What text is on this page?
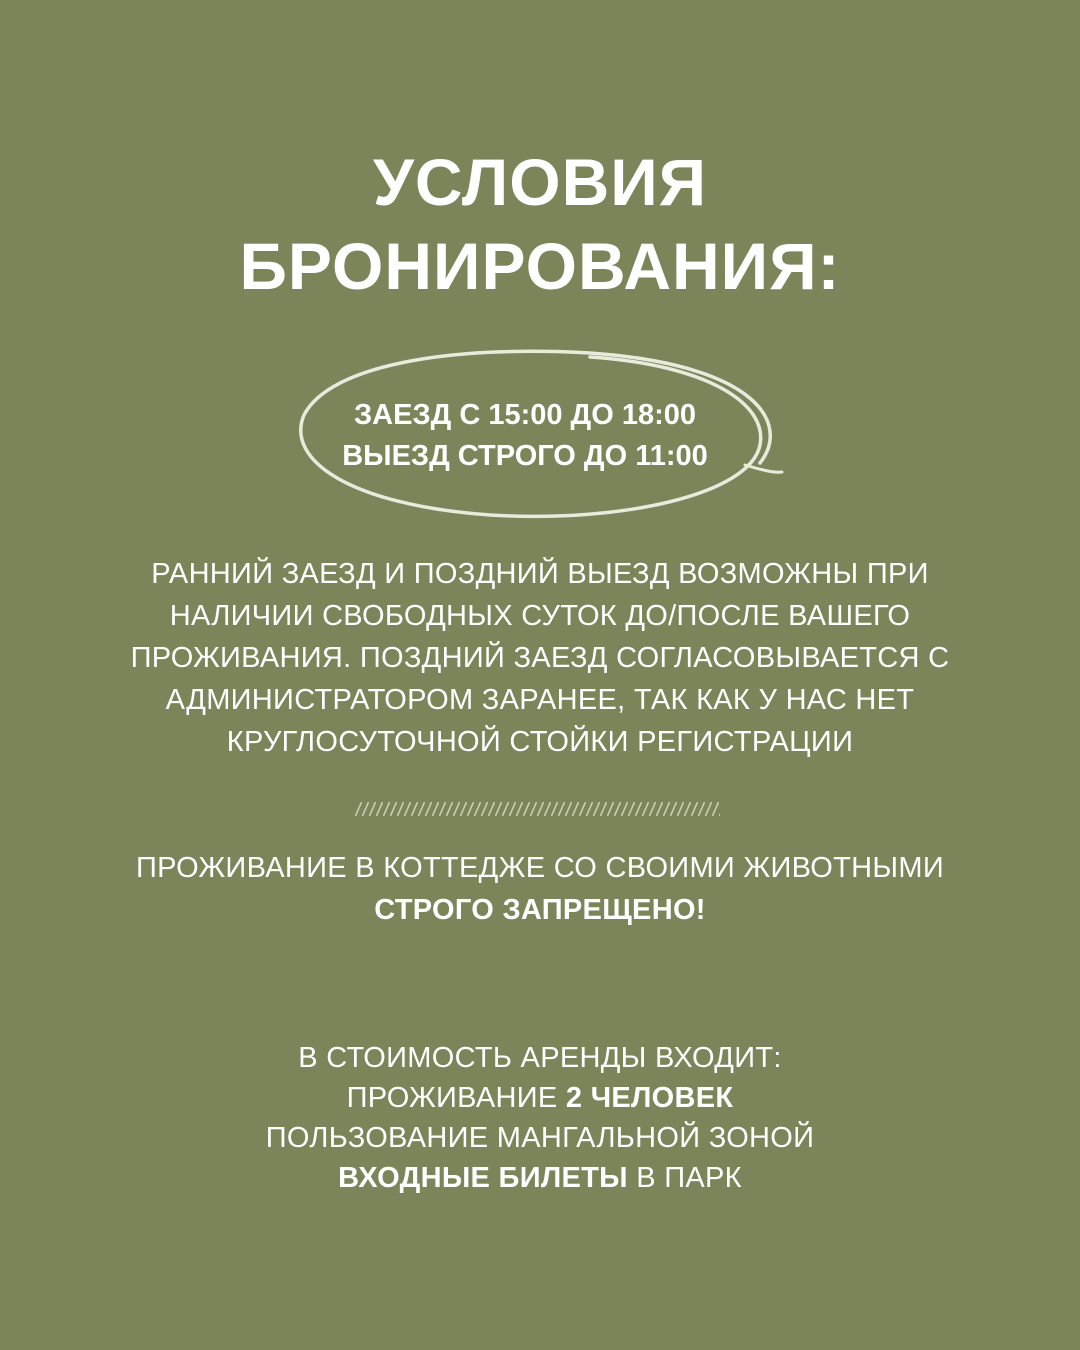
УСЛОВИЯ
БРОНИРОВАНИЯ:
ЗАЕЗД С 15:00 ДО 18:00
ВЫЕЗД СТРОГО ДО 11:00
РАННИЙ ЗАЕЗД И ПОЗДНИЙ ВЫЕЗД ВОЗМОЖНЫ ПРИ
НАЛИЧИИ СВОБОДНЫХ СУТОК ДО/ПОСЛЕ ВАШЕГО
ПРОЖИВАНИЯ. ПОЗДНИЙ ЗАЕЗД СОГЛАСОВЫВАЕТСЯ С
АДМИНИСТРАТОРОМ ЗАРАНЕЕ, ТАК КАК У НАС НЕТ
КРУГЛОСУТОЧНОЙ СТОЙКИ РЕГИСТРАЦИИ
ПРОЖИВАНИЕ В КОТТЕДЖЕ СО СВОИМИ ЖИВОТНЫМИ
СТРОГО ЗАПРЕЩЕНО!
В СТОИМОСТЬ АРЕНДЫ ВХОДИТ:
ПРОЖИВАНИЕ 2 ЧЕЛОВЕК
ПОЛЬЗОВАНИЕ МАНГАЛЬНОЙ ЗОНОЙ
ВХОДНЫЕ БИЛЕТЫ В ПАРК
